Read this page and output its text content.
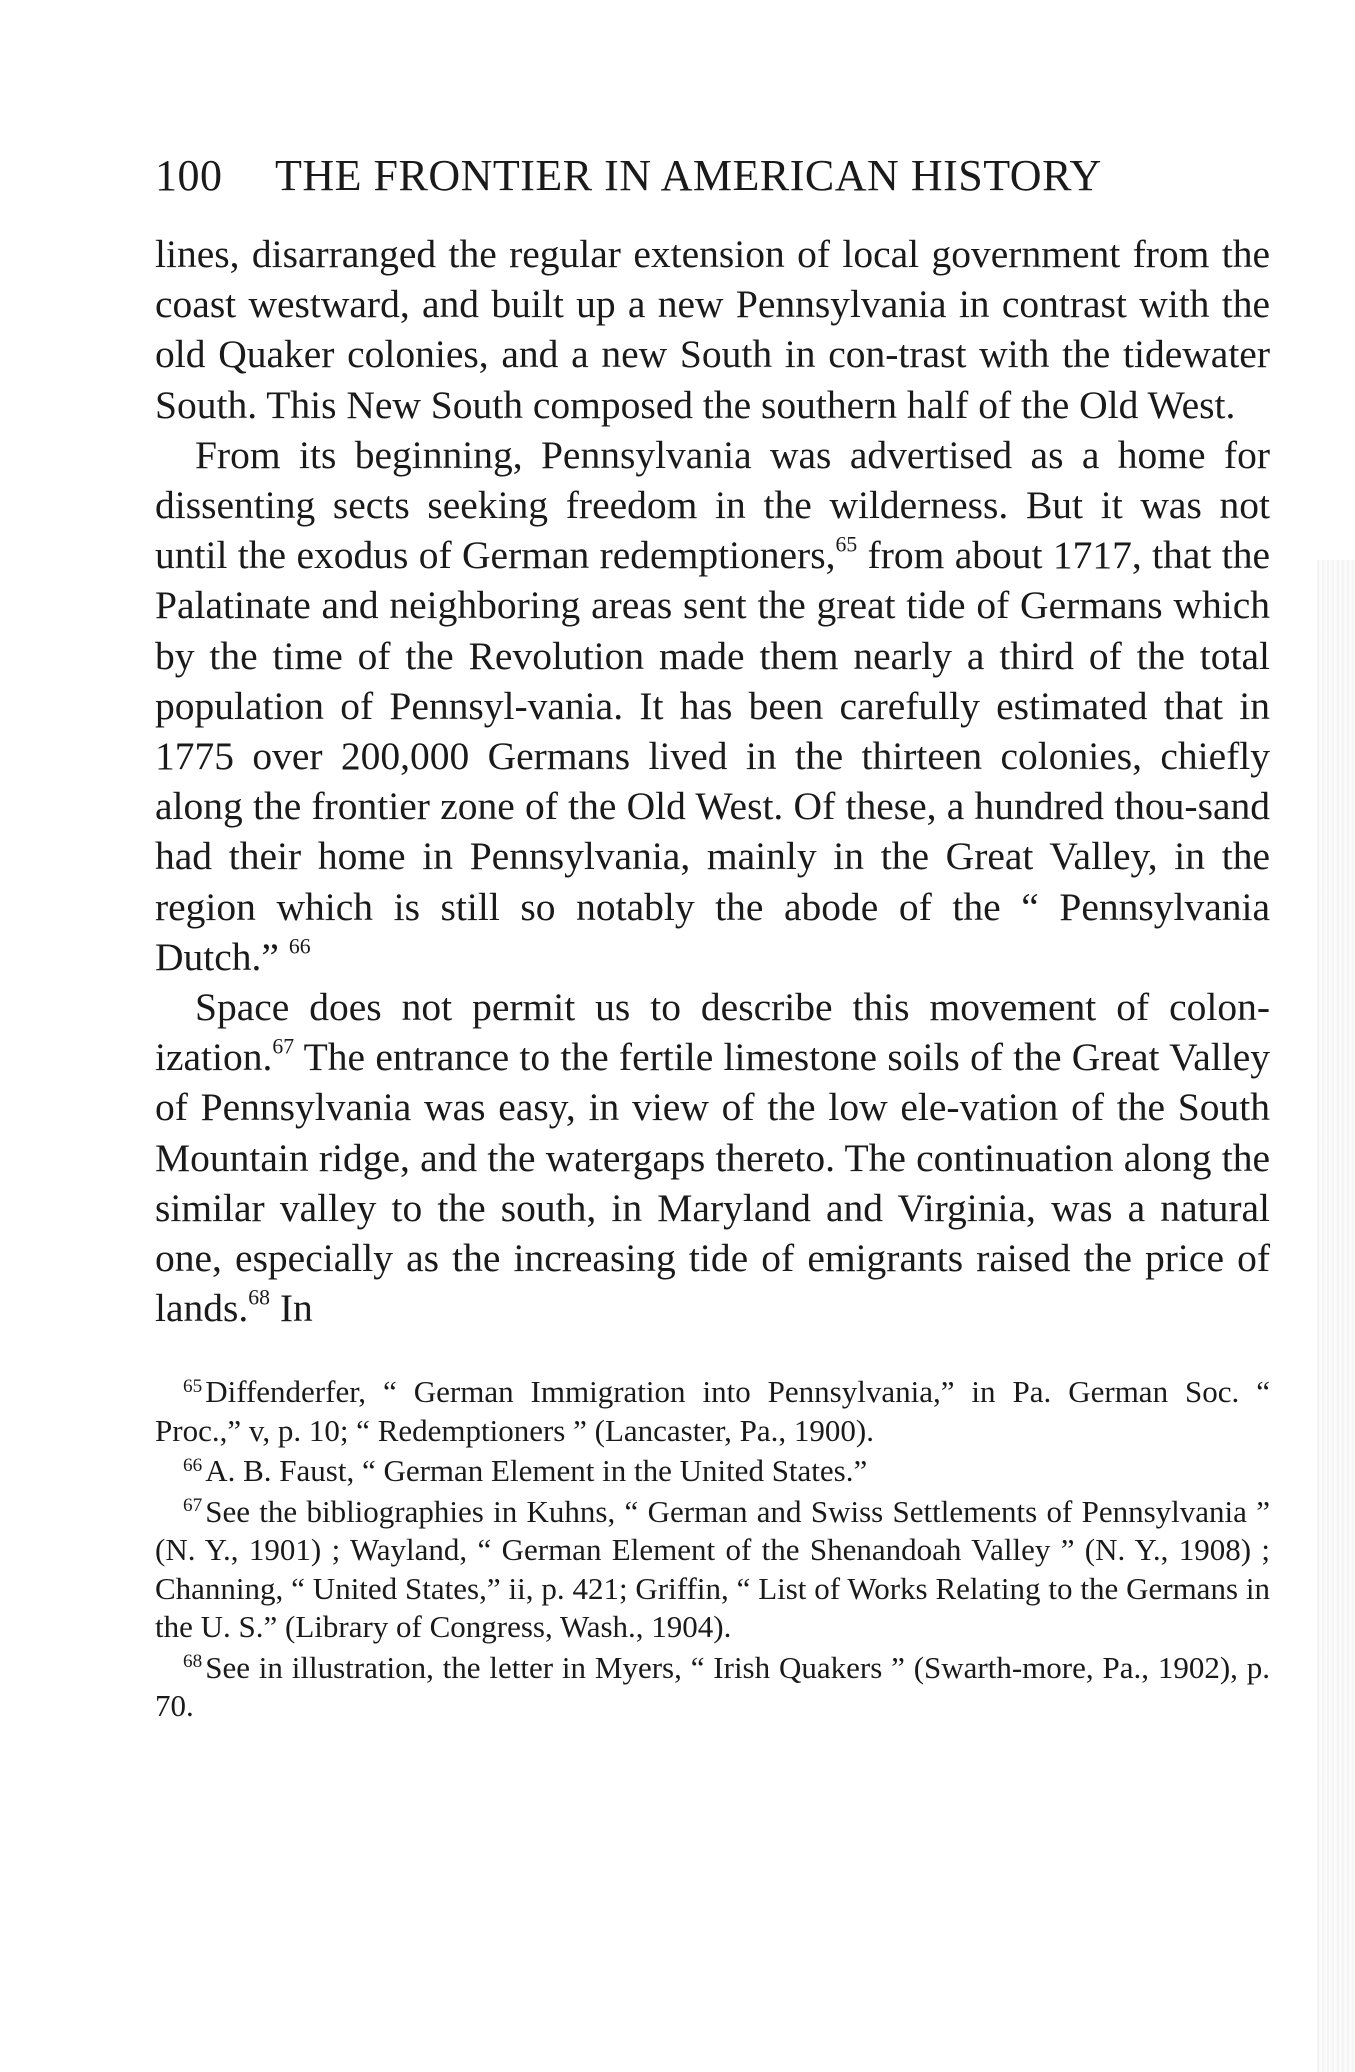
100	THE FRONTIER IN AMERICAN HISTORY

lines, disarranged the regular extension of local government from the coast westward, and built up a new Pennsylvania in contrast with the old Quaker colonies, and a new South in con-trast with the tidewater South. This New South composed the southern half of the Old West.

From its beginning, Pennsylvania was advertised as a home for dissenting sects seeking freedom in the wilderness. But it was not until the exodus of German redemptioners,$^{65}$ from about 1717, that the Palatinate and neighboring areas sent the great tide of Germans which by the time of the Revolution made them nearly a third of the total population of Pennsyl-vania. It has been carefully estimated that in 1775 over 200,000 Germans lived in the thirteen colonies, chiefly along the frontier zone of the Old West. Of these, a hundred thou-sand had their home in Pennsylvania, mainly in the Great Valley, in the region which is still so notably the abode of the “ Pennsylvania Dutch.” $^{66}$

Space does not permit us to describe this movement of colon-ization.$^{67}$ The entrance to the fertile limestone soils of the Great Valley of Pennsylvania was easy, in view of the low ele-vation of the South Mountain ridge, and the watergaps thereto. The continuation along the similar valley to the south, in Maryland and Virginia, was a natural one, especially as the increasing tide of emigrants raised the price of lands.$^{68}$ In

$^{65}$Diffenderfer, “ German Immigration into Pennsylvania,” in Pa. German Soc. “ Proc.,” v, p. 10; “ Redemptioners ” (Lancaster, Pa., 1900).

$^{66}$A. B. Faust, “ German Element in the United States.”

$^{67}$See the bibliographies in Kuhns, “ German and Swiss Settlements of Pennsylvania ” (N. Y., 1901) ; Wayland, “ German Element of the Shenandoah Valley ” (N. Y., 1908) ; Channing, “ United States,” ii, p. 421; Griffin, “ List of Works Relating to the Germans in the U. S.” (Library of Congress, Wash., 1904).

$^{68}$See in illustration, the letter in Myers, “ Irish Quakers ” (Swarth-more, Pa., 1902), p. 70.
